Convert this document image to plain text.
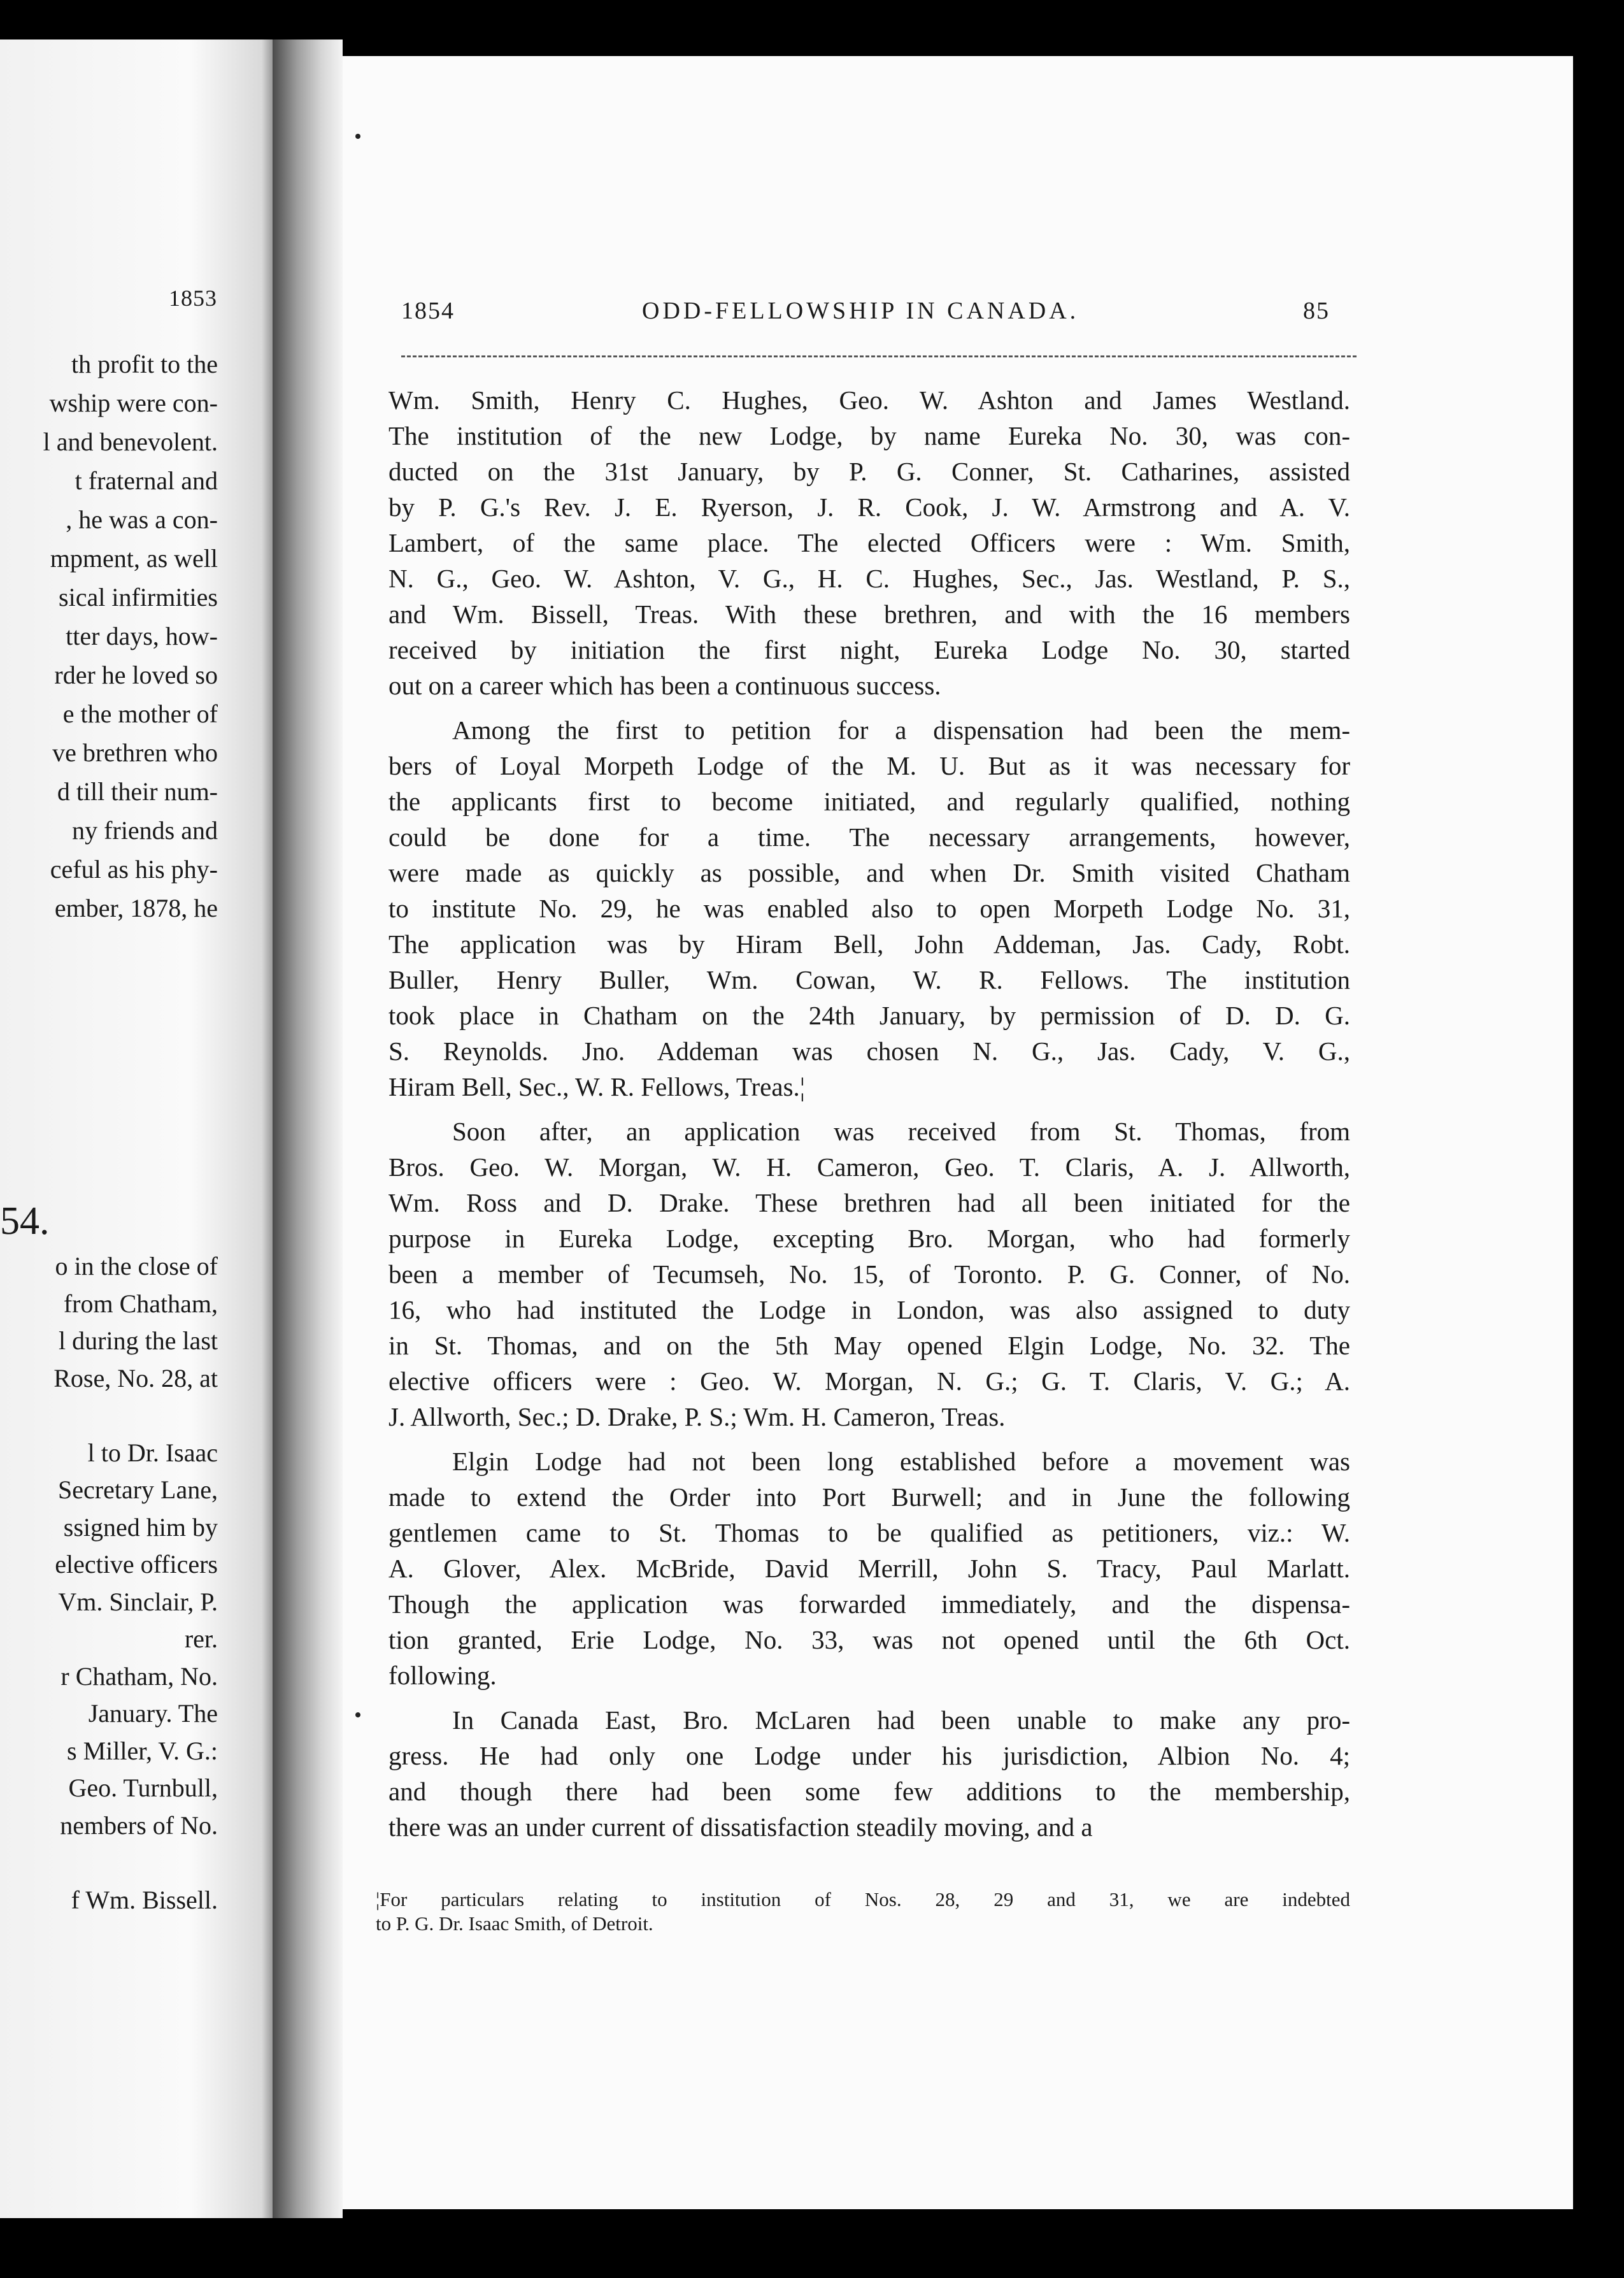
1853
th profit to the
wship were con-
l and benevolent.
t fraternal and
, he was a con-
mpment, as well
sical infirmities
tter days, how-
rder he loved so
e the mother of
ve brethren who
d till their num-
ny friends and
ceful as his phy-
ember, 1878, he
54.
o in the close of
from Chatham,
l during the last
Rose, No. 28, at
l to Dr. Isaac
Secretary Lane,
ssigned him by
elective officers
Vm. Sinclair, P.
rer.
r Chatham, No.
January. The
s Miller, V. G.:
Geo. Turnbull,
nembers of No.
f Wm. Bissell.
1854	ODD-FELLOWSHIP IN CANADA.	85
Wm. Smith, Henry C. Hughes, Geo. W. Ashton and James Westland.
The institution of the new Lodge, by name Eureka No. 30, was con-
ducted on the 31st January, by P. G. Conner, St. Catharines, assisted
by P. G.'s Rev. J. E. Ryerson, J. R. Cook, J. W. Armstrong and A. V.
Lambert, of the same place. The elected Officers were : Wm. Smith,
N. G., Geo. W. Ashton, V. G., H. C. Hughes, Sec., Jas. Westland, P. S.,
and Wm. Bissell, Treas. With these brethren, and with the 16 members
received by initiation the first night, Eureka Lodge No. 30, started
out on a career which has been a continuous success.
Among the first to petition for a dispensation had been the mem-
bers of Loyal Morpeth Lodge of the M. U. But as it was necessary for
the applicants first to become initiated, and regularly qualified, nothing
could be done for a time. The necessary arrangements, however,
were made as quickly as possible, and when Dr. Smith visited Chatham
to institute No. 29, he was enabled also to open Morpeth Lodge No. 31,
The application was by Hiram Bell, John Addeman, Jas. Cady, Robt.
Buller, Henry Buller, Wm. Cowan, W. R. Fellows. The institution
took place in Chatham on the 24th January, by permission of D. D. G.
S. Reynolds. Jno. Addeman was chosen N. G., Jas. Cady, V. G.,
Hiram Bell, Sec., W. R. Fellows, Treas.¦
Soon after, an application was received from St. Thomas, from
Bros. Geo. W. Morgan, W. H. Cameron, Geo. T. Claris, A. J. Allworth,
Wm. Ross and D. Drake. These brethren had all been initiated for the
purpose in Eureka Lodge, excepting Bro. Morgan, who had formerly
been a member of Tecumseh, No. 15, of Toronto. P. G. Conner, of No.
16, who had instituted the Lodge in London, was also assigned to duty
in St. Thomas, and on the 5th May opened Elgin Lodge, No. 32. The
elective officers were : Geo. W. Morgan, N. G.; G. T. Claris, V. G.; A.
J. Allworth, Sec.; D. Drake, P. S.; Wm. H. Cameron, Treas.
Elgin Lodge had not been long established before a movement was
made to extend the Order into Port Burwell; and in June the following
gentlemen came to St. Thomas to be qualified as petitioners, viz.: W.
A. Glover, Alex. McBride, David Merrill, John S. Tracy, Paul Marlatt.
Though the application was forwarded immediately, and the dispensa-
tion granted, Erie Lodge, No. 33, was not opened until the 6th Oct.
following.
In Canada East, Bro. McLaren had been unable to make any pro-
gress. He had only one Lodge under his jurisdiction, Albion No. 4;
and though there had been some few additions to the membership,
there was an under current of dissatisfaction steadily moving, and a
¦For particulars relating to institution of Nos. 28, 29 and 31, we are indebted
to P. G. Dr. Isaac Smith, of Detroit.
